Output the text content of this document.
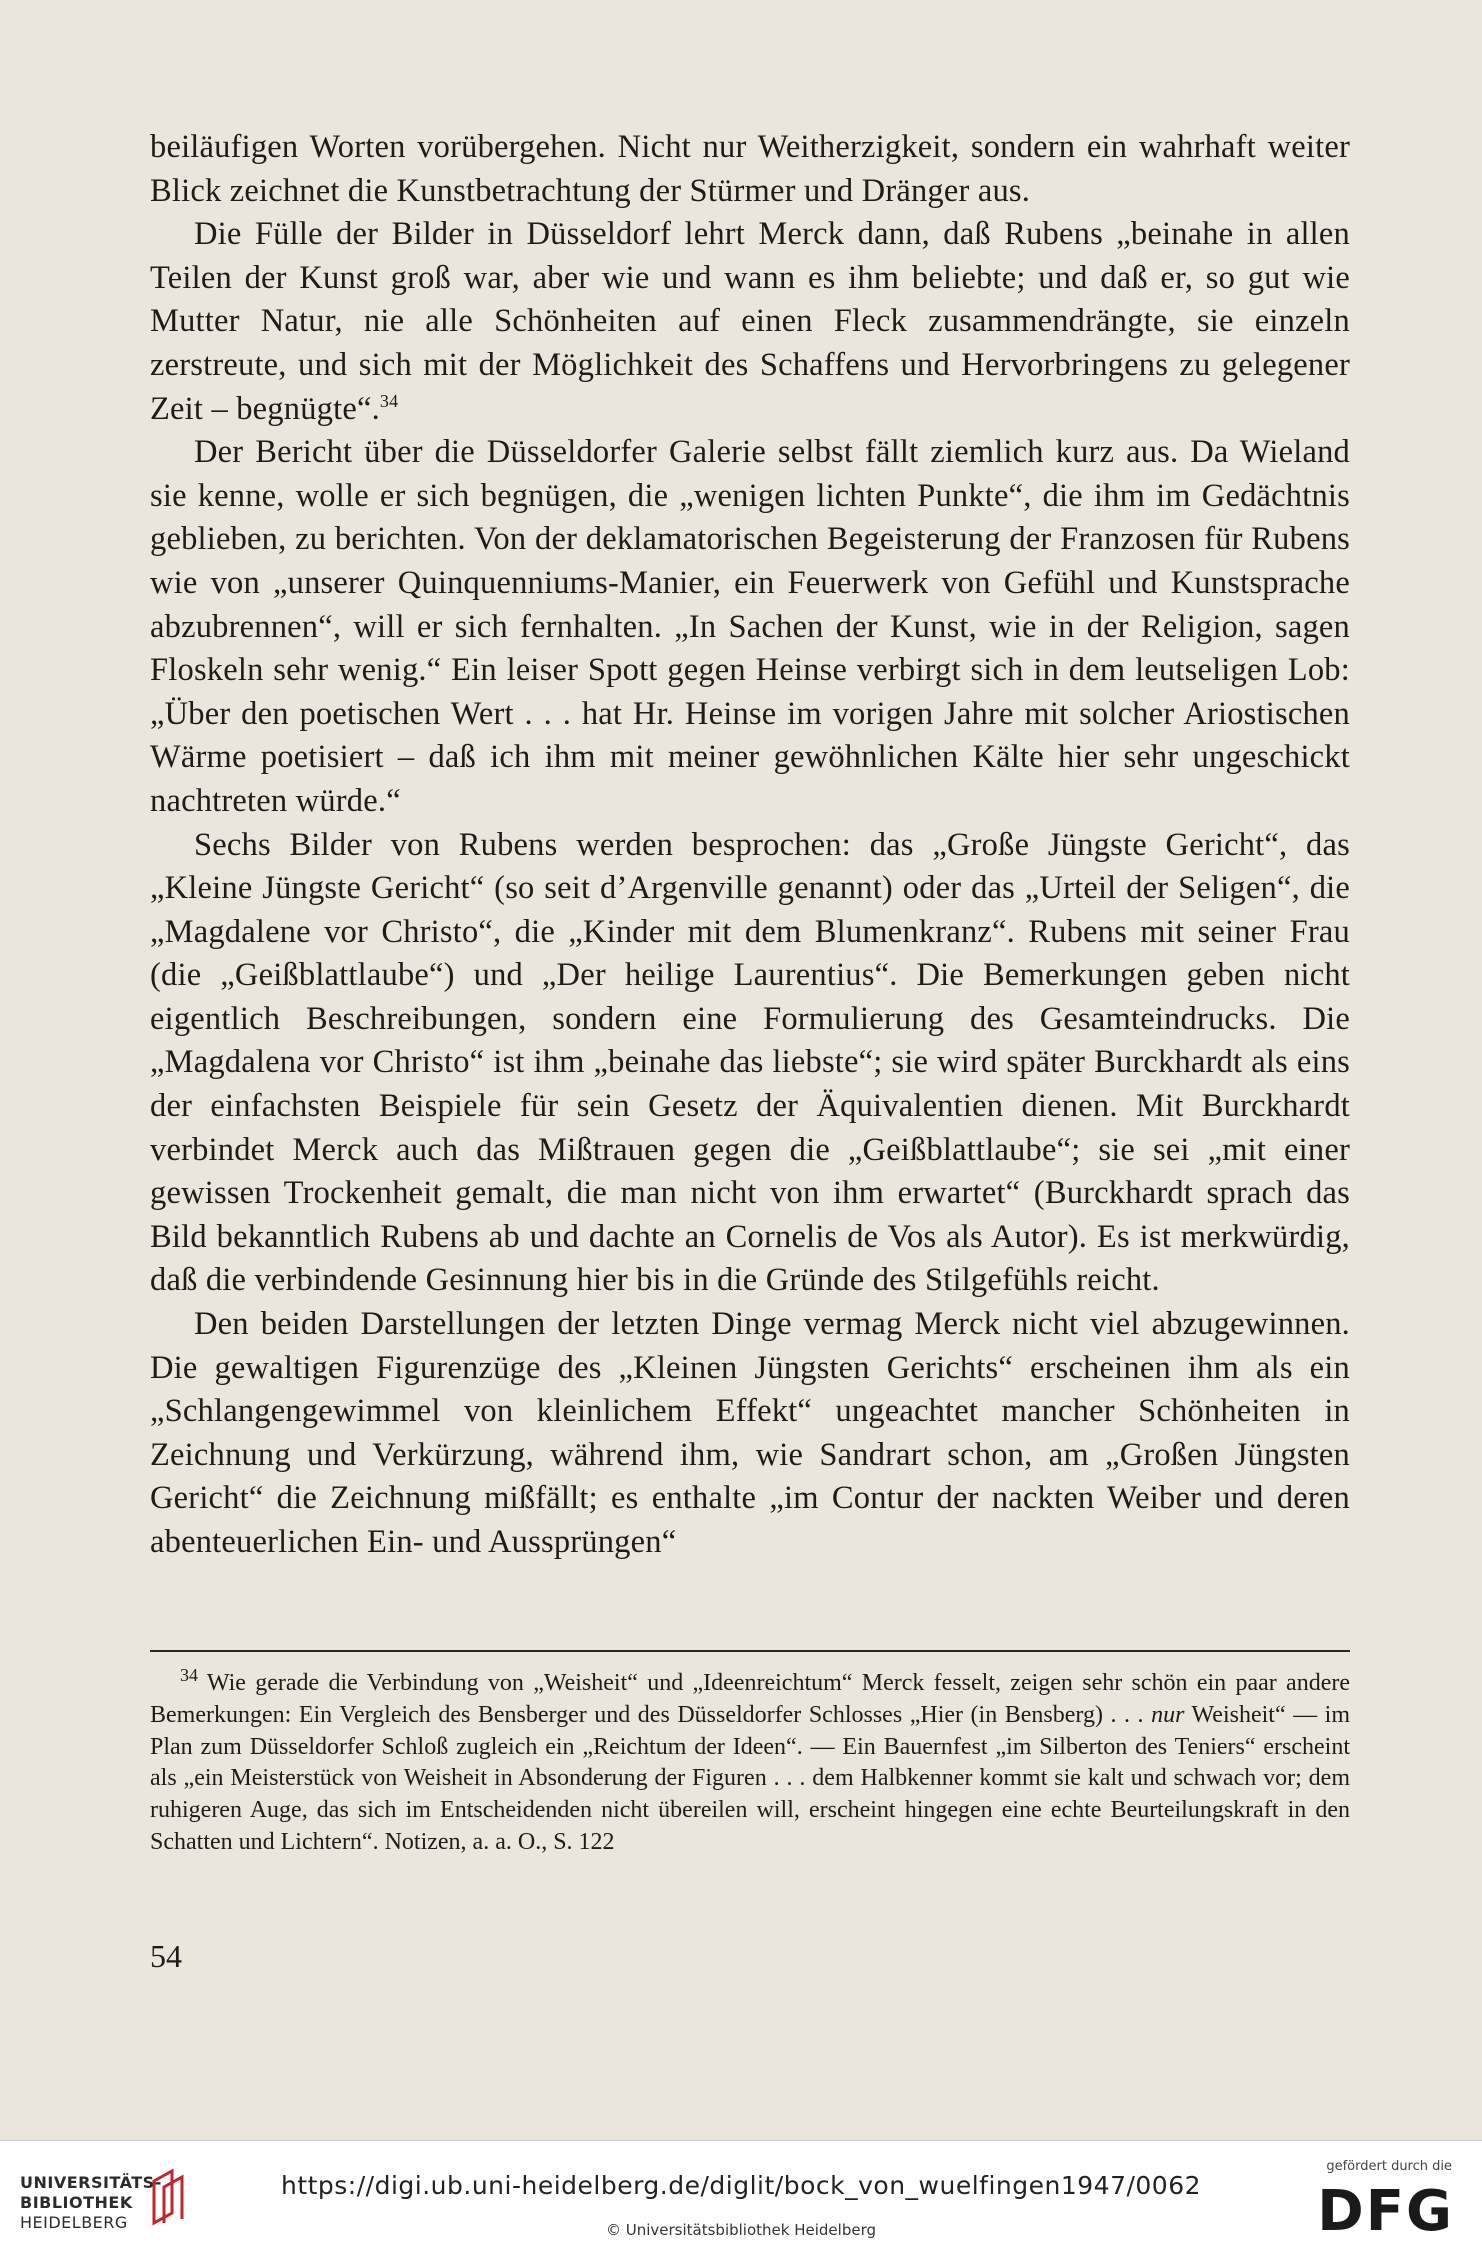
beiläufigen Worten vorübergehen. Nicht nur Weitherzigkeit, sondern ein wahrhaft weiter Blick zeichnet die Kunstbetrachtung der Stürmer und Dränger aus.

Die Fülle der Bilder in Düsseldorf lehrt Merck dann, daß Rubens „beinahe in allen Teilen der Kunst groß war, aber wie und wann es ihm beliebte; und daß er, so gut wie Mutter Natur, nie alle Schönheiten auf einen Fleck zusammendrängte, sie einzeln zerstreute, und sich mit der Möglichkeit des Schaffens und Hervorbringens zu gelegener Zeit – begnügte“.$^{34}$

Der Bericht über die Düsseldorfer Galerie selbst fällt ziemlich kurz aus. Da Wieland sie kenne, wolle er sich begnügen, die „wenigen lichten Punkte“, die ihm im Gedächtnis geblieben, zu berichten. Von der deklamatorischen Begeisterung der Franzosen für Rubens wie von „unserer Quinquenniums-Manier, ein Feuerwerk von Gefühl und Kunstsprache abzubrennen“, will er sich fernhalten. „In Sachen der Kunst, wie in der Religion, sagen Floskeln sehr wenig.“ Ein leiser Spott gegen Heinse verbirgt sich in dem leutseligen Lob: „Über den poetischen Wert . . . hat Hr. Heinse im vorigen Jahre mit solcher Ariostischen Wärme poetisiert – daß ich ihm mit meiner gewöhnlichen Kälte hier sehr ungeschickt nachtreten würde.“

Sechs Bilder von Rubens werden besprochen: das „Große Jüngste Gericht“, das „Kleine Jüngste Gericht“ (so seit d’Argenville genannt) oder das „Urteil der Seligen“, die „Magdalene vor Christo“, die „Kinder mit dem Blumenkranz“. Rubens mit seiner Frau (die „Geißblattlaube“) und „Der heilige Laurentius“. Die Bemerkungen geben nicht eigentlich Beschreibungen, sondern eine Formulierung des Gesamteindrucks. Die „Magdalena vor Christo“ ist ihm „beinahe das liebste“; sie wird später Burckhardt als eins der einfachsten Beispiele für sein Gesetz der Äquivalentien dienen. Mit Burckhardt verbindet Merck auch das Mißtrauen gegen die „Geißblattlaube“; sie sei „mit einer gewissen Trockenheit gemalt, die man nicht von ihm erwartet“ (Burckhardt sprach das Bild bekanntlich Rubens ab und dachte an Cornelis de Vos als Autor). Es ist merkwürdig, daß die verbindende Gesinnung hier bis in die Gründe des Stilgefühls reicht.

Den beiden Darstellungen der letzten Dinge vermag Merck nicht viel abzugewinnen. Die gewaltigen Figurenzüge des „Kleinen Jüngsten Gerichts“ erscheinen ihm als ein „Schlangengewimmel von kleinlichem Effekt“ ungeachtet mancher Schönheiten in Zeichnung und Verkürzung, während ihm, wie Sandrart schon, am „Großen Jüngsten Gericht“ die Zeichnung mißfällt; es enthalte „im Contur der nackten Weiber und deren abenteuerlichen Ein- und Aussprüngen“

$^{34}$ Wie gerade die Verbindung von „Weisheit“ und „Ideenreichtum“ Merck fesselt, zeigen sehr schön ein paar andere Bemerkungen: Ein Vergleich des Bensberger und des Düsseldorfer Schlosses „Hier (in Bensberg) . . . nur Weisheit“ — im Plan zum Düsseldorfer Schloß zugleich ein „Reichtum der Ideen“. — Ein Bauernfest „im Silberton des Teniers“ erscheint als „ein Meisterstück von Weisheit in Absonderung der Figuren . . . dem Halbkenner kommt sie kalt und schwach vor; dem ruhigeren Auge, das sich im Entscheidenden nicht übereilen will, erscheint hingegen eine echte Beurteilungskraft in den Schatten und Lichtern“. Notizen, a. a. O., S. 122

54
UNIVERSITÄTS-
BIBLIOTHEK
HEIDELBERG
https://digi.ub.uni-heidelberg.de/diglit/bock_von_wuelfingen1947/0062
© Universitätsbibliothek Heidelberg
gefördert durch die
DFG
